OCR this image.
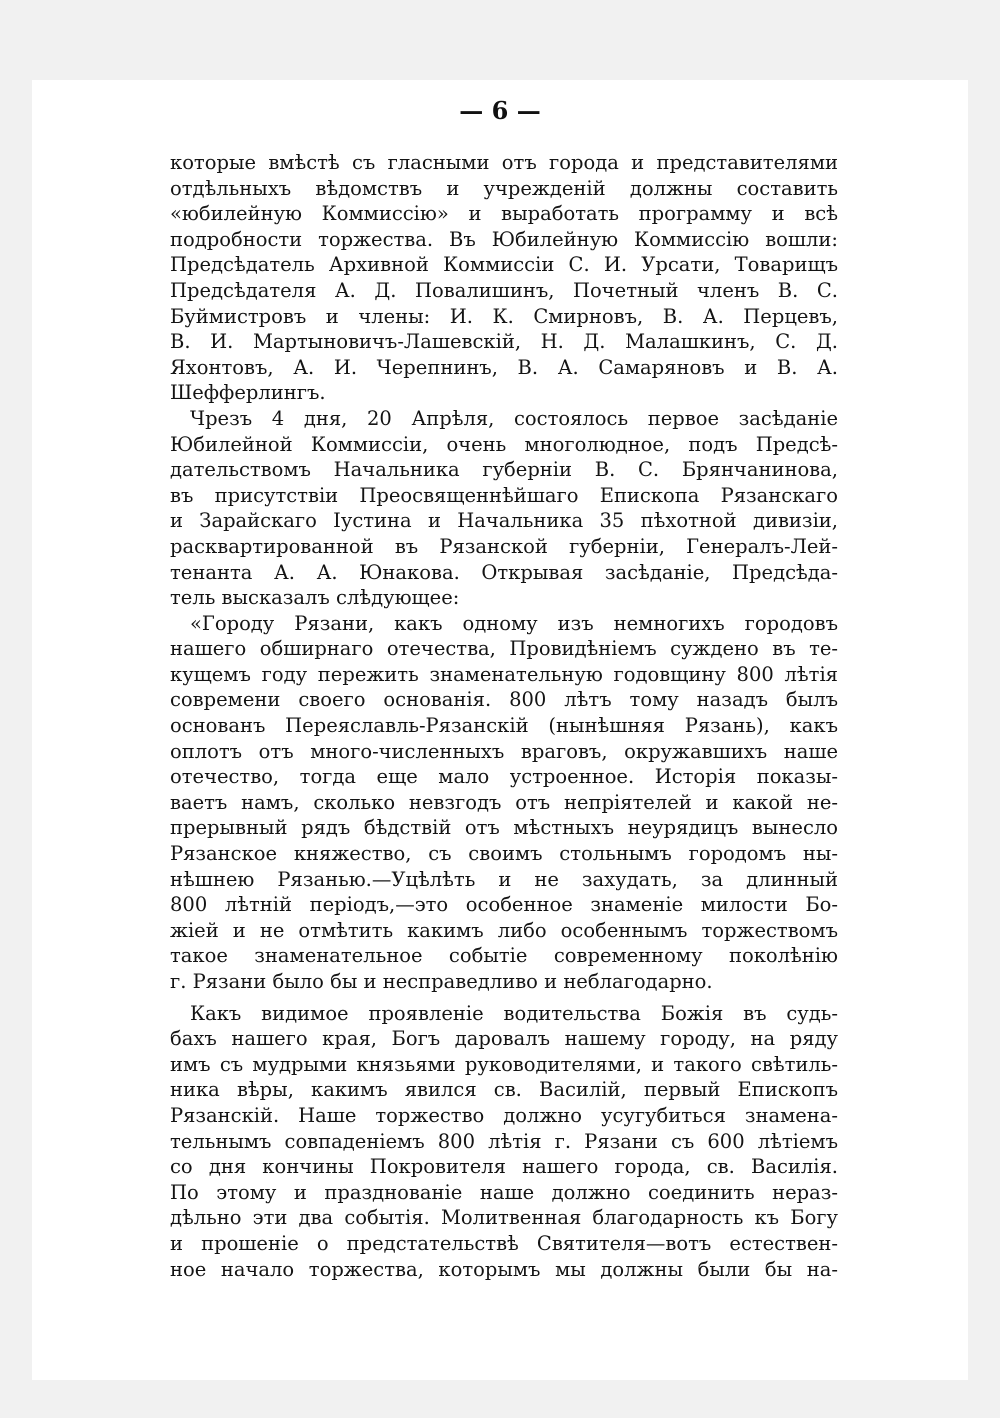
— 6 —
которые вмѣстѣ съ гласными отъ города и представителями
отдѣльныхъ вѣдомствъ и учрежденій должны составить
«юбилейную Коммиссію» и выработать программу и всѣ
подробности торжества. Въ Юбилейную Коммиссію вошли:
Предсѣдатель Архивной Коммиссіи С. И. Урсати, Товарищъ
Предсѣдателя А. Д. Повалишинъ, Почетный членъ В. С.
Буймистровъ и члены: И. К. Смирновъ, В. А. Перцевъ,
В. И. Мартыновичъ-Лашевскій, Н. Д. Малашкинъ, С. Д.
Яхонтовъ, А. И. Черепнинъ, В. А. Самаряновъ и В. А.
Шефферлингъ.
Чрезъ 4 дня, 20 Апрѣля, состоялось первое засѣданіе
Юбилейной Коммиссіи, очень многолюдное, подъ Предсѣ-
дательствомъ Начальника губерніи В. С. Брянчанинова,
въ присутствіи Преосвященнѣйшаго Епископа Рязанскаго
и Зарайскаго Іустина и Начальника 35 пѣхотной дивизіи,
расквартированной въ Рязанской губерніи, Генералъ-Лей-
тенанта А. А. Юнакова. Открывая засѣданіе, Предсѣда-
тель высказалъ слѣдующее:
«Городу Рязани, какъ одному изъ немногихъ городовъ
нашего обширнаго отечества, Провидѣніемъ суждено въ те-
кущемъ году пережить знаменательную годовщину 800 лѣтія
современи своего основанія. 800 лѣтъ тому назадъ былъ
основанъ Переяславль-Рязанскій (нынѣшняя Рязань), какъ
оплотъ отъ много-численныхъ враговъ, окружавшихъ наше
отечество, тогда еще мало устроенное. Исторія показы-
ваетъ намъ, сколько невзгодъ отъ непріятелей и какой не-
прерывный рядъ бѣдствій отъ мѣстныхъ неурядицъ вынесло
Рязанское княжество, съ своимъ стольнымъ городомъ ны-
нѣшнею Рязанью.—Уцѣлѣть и не захудать, за длинный
800 лѣтній періодъ,—это особенное знаменіе милости Бо-
жіей и не отмѣтить какимъ либо особеннымъ торжествомъ
такое знаменательное событіе современному поколѣнію
г. Рязани было бы и несправедливо и неблагодарно.
Какъ видимое проявленіе водительства Божія въ судь-
бахъ нашего края, Богъ даровалъ нашему городу, на ряду
имъ съ мудрыми князьями руководителями, и такого свѣтиль-
ника вѣры, какимъ явился св. Василій, первый Епископъ
Рязанскій. Наше торжество должно усугубиться знамена-
тельнымъ совпаденіемъ 800 лѣтія г. Рязани съ 600 лѣтіемъ
со дня кончины Покровителя нашего города, св. Василія.
По этому и празднованіе наше должно соединить нераз-
дѣльно эти два событія. Молитвенная благодарность къ Богу
и прошеніе о предстательствѣ Святителя—вотъ естествен-
ное начало торжества, которымъ мы должны были бы на-
